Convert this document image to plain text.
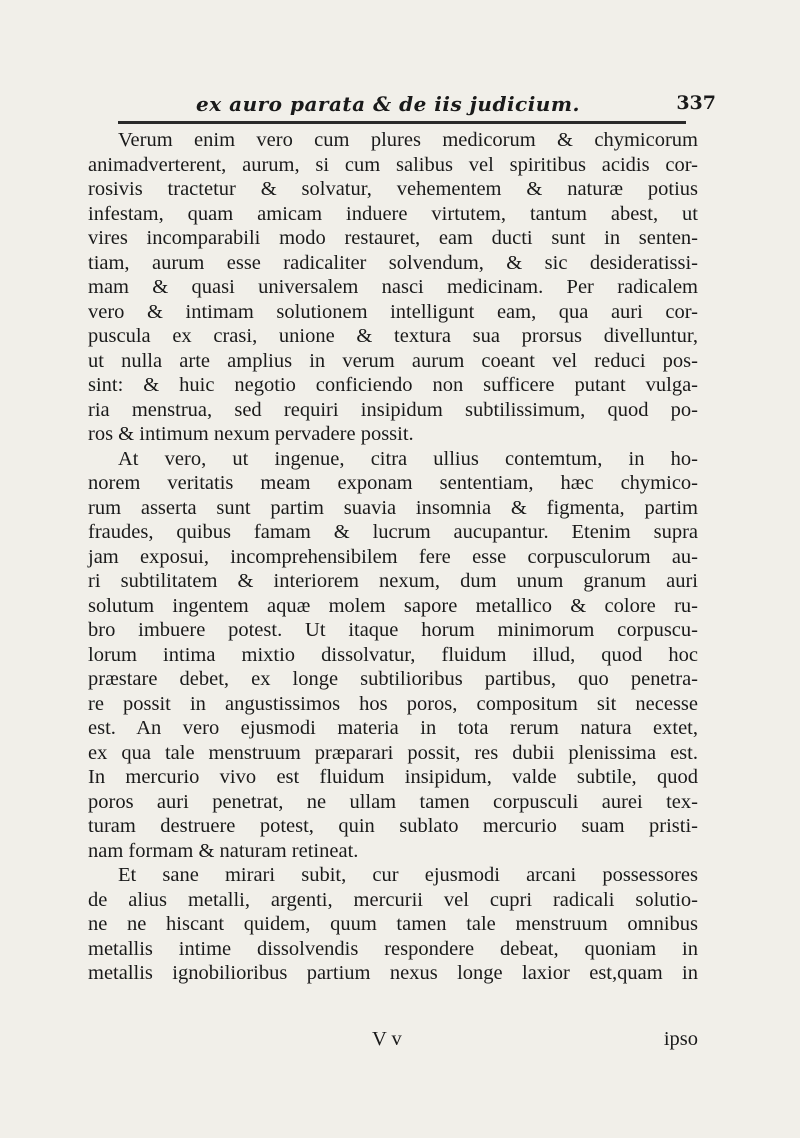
ex auro parata & de iis judicium.	337
Verum enim vero cum plures medicorum & chymicorum
animadverterent, aurum, si cum salibus vel spiritibus acidis cor-
rosivis tractetur & solvatur, vehementem & naturæ potius
infestam, quam amicam induere virtutem, tantum abest, ut
vires incomparabili modo restauret, eam ducti sunt in senten-
tiam, aurum esse radicaliter solvendum, & sic desideratissi-
mam & quasi universalem nasci medicinam. Per radicalem
vero & intimam solutionem intelligunt eam, qua auri cor-
puscula ex crasi, unione & textura sua prorsus divelluntur,
ut nulla arte amplius in verum aurum coeant vel reduci pos-
sint: & huic negotio conficiendo non sufficere putant vulga-
ria menstrua, sed requiri insipidum subtilissimum, quod po-
ros & intimum nexum pervadere possit.
At vero, ut ingenue, citra ullius contemtum, in ho-
norem veritatis meam exponam sententiam, hæc chymico-
rum asserta sunt partim suavia insomnia & figmenta, partim
fraudes, quibus famam & lucrum aucupantur. Etenim supra
jam exposui, incomprehensibilem fere esse corpusculorum au-
ri subtilitatem & interiorem nexum, dum unum granum auri
solutum ingentem aquæ molem sapore metallico & colore ru-
bro imbuere potest. Ut itaque horum minimorum corpuscu-
lorum intima mixtio dissolvatur, fluidum illud, quod hoc
præstare debet, ex longe subtilioribus partibus, quo penetra-
re possit in angustissimos hos poros, compositum sit necesse
est. An vero ejusmodi materia in tota rerum natura extet,
ex qua tale menstruum præparari possit, res dubii plenissima est.
In mercurio vivo est fluidum insipidum, valde subtile, quod
poros auri penetrat, ne ullam tamen corpusculi aurei tex-
turam destruere potest, quin sublato mercurio suam pristi-
nam formam & naturam retineat.
Et sane mirari subit, cur ejusmodi arcani possessores
de alius metalli, argenti, mercurii vel cupri radicali solutio-
ne ne hiscant quidem, quum tamen tale menstruum omnibus
metallis intime dissolvendis respondere debeat, quoniam in
metallis ignobilioribus partium nexus longe laxior est,quam in
V v	ipso
